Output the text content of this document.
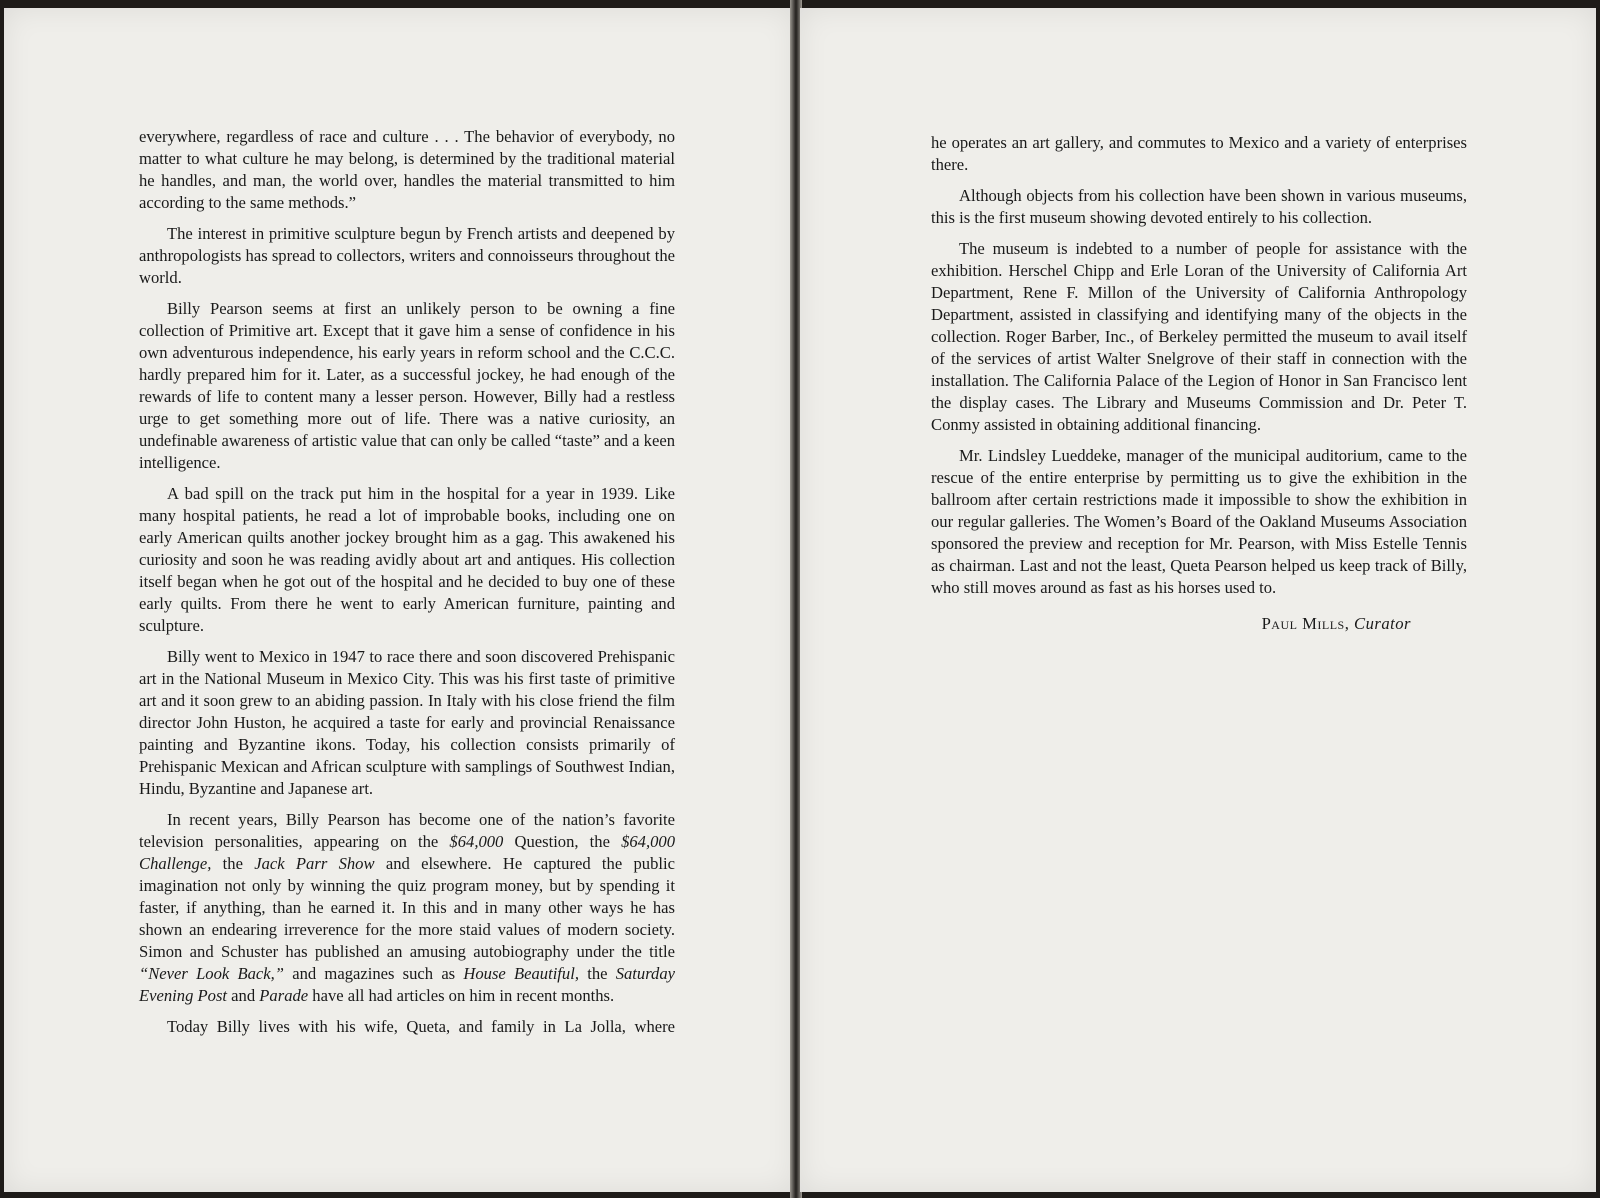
everywhere, regardless of race and culture . . . The behavior of everybody, no matter to what culture he may belong, is determined by the traditional material he handles, and man, the world over, handles the material transmitted to him according to the same methods.”

The interest in primitive sculpture begun by French artists and deepened by anthropologists has spread to collectors, writers and connoisseurs throughout the world.

Billy Pearson seems at first an unlikely person to be owning a fine collection of Primitive art. Except that it gave him a sense of confidence in his own adventurous independence, his early years in reform school and the C.C.C. hardly prepared him for it. Later, as a successful jockey, he had enough of the rewards of life to content many a lesser person. However, Billy had a restless urge to get something more out of life. There was a native curiosity, an undefinable awareness of artistic value that can only be called “taste” and a keen intelligence.

A bad spill on the track put him in the hospital for a year in 1939. Like many hospital patients, he read a lot of improbable books, including one on early American quilts another jockey brought him as a gag. This awakened his curiosity and soon he was reading avidly about art and antiques. His collection itself began when he got out of the hospital and he decided to buy one of these early quilts. From there he went to early American furniture, painting and sculpture.

Billy went to Mexico in 1947 to race there and soon discovered Prehispanic art in the National Museum in Mexico City. This was his first taste of primitive art and it soon grew to an abiding passion. In Italy with his close friend the film director John Huston, he acquired a taste for early and provincial Renaissance painting and Byzantine ikons. Today, his collection consists primarily of Prehispanic Mexican and African sculpture with samplings of Southwest Indian, Hindu, Byzantine and Japanese art.

In recent years, Billy Pearson has become one of the nation’s favorite television personalities, appearing on the $64,000 Question, the $64,000 Challenge, the Jack Parr Show and elsewhere. He captured the public imagination not only by winning the quiz program money, but by spending it faster, if anything, than he earned it. In this and in many other ways he has shown an endearing irreverence for the more staid values of modern society. Simon and Schuster has published an amusing autobiography under the title “Never Look Back,” and magazines such as House Beautiful, the Saturday Evening Post and Parade have all had articles on him in recent months.

Today Billy lives with his wife, Queta, and family in La Jolla, where

he operates an art gallery, and commutes to Mexico and a variety of enterprises there.

Although objects from his collection have been shown in various museums, this is the first museum showing devoted entirely to his collection.

The museum is indebted to a number of people for assistance with the exhibition. Herschel Chipp and Erle Loran of the University of California Art Department, Rene F. Millon of the University of California Anthropology Department, assisted in classifying and identifying many of the objects in the collection. Roger Barber, Inc., of Berkeley permitted the museum to avail itself of the services of artist Walter Snelgrove of their staff in connection with the installation. The California Palace of the Legion of Honor in San Francisco lent the display cases. The Library and Museums Commission and Dr. Peter T. Conmy assisted in obtaining additional financing.

Mr. Lindsley Lueddeke, manager of the municipal auditorium, came to the rescue of the entire enterprise by permitting us to give the exhibition in the ballroom after certain restrictions made it impossible to show the exhibition in our regular galleries. The Women’s Board of the Oakland Museums Association sponsored the preview and reception for Mr. Pearson, with Miss Estelle Tennis as chairman. Last and not the least, Queta Pearson helped us keep track of Billy, who still moves around as fast as his horses used to.

Paul Mills, Curator
